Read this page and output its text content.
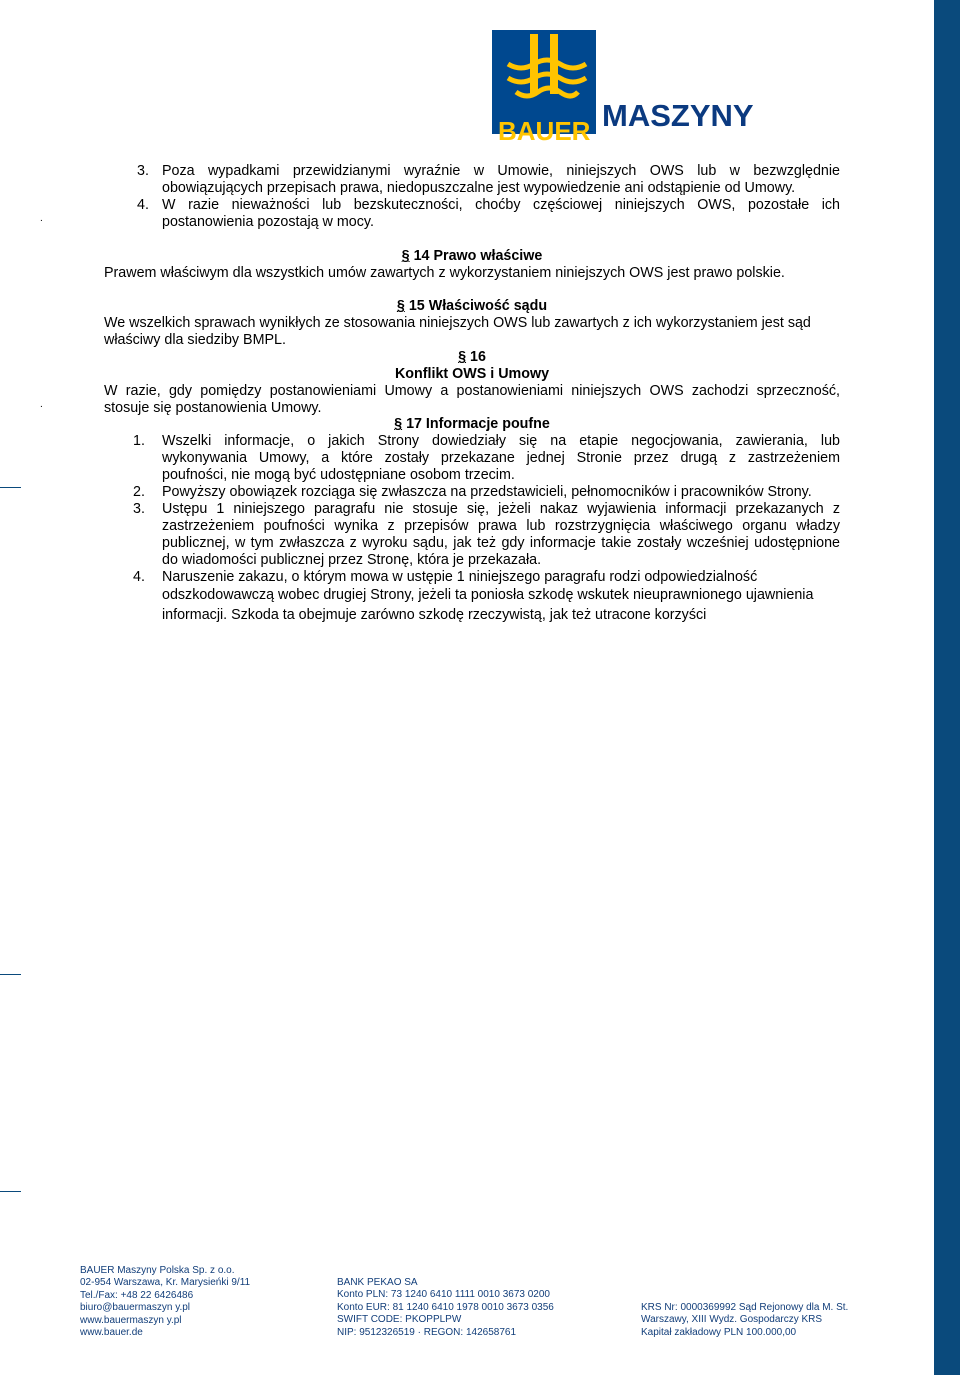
BAUER MASZYNY
3. Poza wypadkami przewidzianymi wyraźnie w Umowie, niniejszych OWS lub w bezwzględnie
obowiązujących przepisach prawa, niedopuszczalne jest wypowiedzenie ani odstąpienie od Umowy.
4. W razie nieważności lub bezskuteczności, choćby częściowej niniejszych OWS, pozostałe ich
postanowienia pozostają w mocy.
.
§ 14 Prawo właściwe
Prawem właściwym dla wszystkich umów zawartych z wykorzystaniem niniejszych OWS jest prawo polskie.
§ 15 Właściwość sądu
We wszelkich sprawach wynikłych ze stosowania niniejszych OWS lub zawartych z ich wykorzystaniem jest sąd
właściwy dla siedziby BMPL.
§ 16
Konflikt OWS i Umowy
W razie, gdy pomiędzy postanowieniami Umowy a postanowieniami niniejszych OWS zachodzi sprzeczność,
stosuje się postanowienia Umowy.
.
§ 17 Informacje poufne
1. Wszelki informacje, o jakich Strony dowiedziały się na etapie negocjowania, zawierania, lub
wykonywania Umowy, a które zostały przekazane jednej Stronie przez drugą z zastrzeżeniem
poufności, nie mogą być udostępniane osobom trzecim.
2. Powyższy obowiązek rozciąga się zwłaszcza na przedstawicieli, pełnomocników i pracowników Strony.
3. Ustępu 1 niniejszego paragrafu nie stosuje się, jeżeli nakaz wyjawienia informacji przekazanych z
zastrzeżeniem poufności wynika z przepisów prawa lub rozstrzygnięcia właściwego organu władzy
publicznej, w tym zwłaszcza z wyroku sądu, jak też gdy informacje takie zostały wcześniej udostępnione
do wiadomości publicznej przez Stronę, która je przekazała.
4. Naruszenie zakazu, o którym mowa w ustępie 1 niniejszego paragrafu rodzi odpowiedzialność
odszkodowawczą wobec drugiej Strony, jeżeli ta poniosła szkodę wskutek nieuprawnionego ujawnienia
informacji. Szkoda ta obejmuje zarówno szkodę rzeczywistą, jak też utracone korzyści
BAUER Maszyny Polska Sp. z o.o.
02-954 Warszawa, Kr. Marysieńki 9/11
Tel./Fax: +48 22 6426486
biuro@bauermaszyn y.pl
www.bauermaszyn y.pl
www.bauer.de
BANK PEKAO SA
Konto PLN: 73 1240 6410 1111 0010 3673 0200
Konto EUR: 81 1240 6410 1978 0010 3673 0356
SWIFT CODE: PKOPPLPW
NIP: 9512326519 · REGON: 142658761
KRS Nr: 0000369992 Sąd Rejonowy dla M. St.
Warszawy, XIII Wydz. Gospodarczy KRS
Kapitał zakładowy PLN 100.000,00
